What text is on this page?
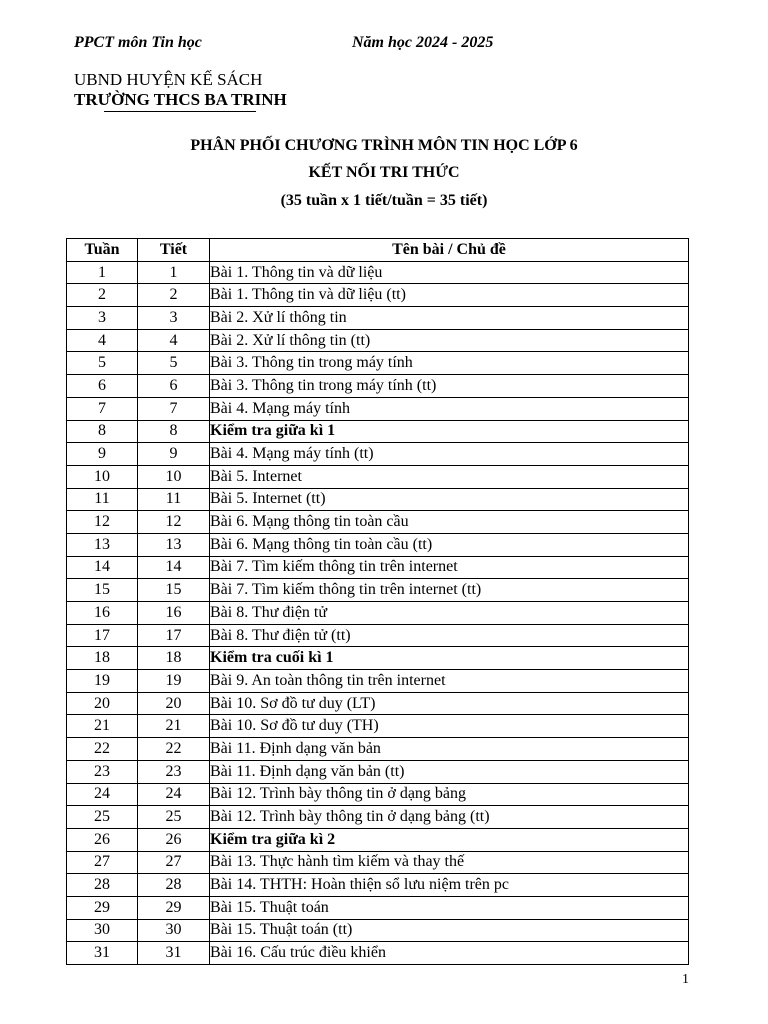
PPCT môn Tin học	Năm học 2024 - 2025
UBND HUYỆN KẾ SÁCH
TRƯỜNG THCS BA TRINH
PHÂN PHỐI CHƯƠNG TRÌNH MÔN TIN HỌC LỚP 6
KẾT NỐI TRI THỨC
(35 tuần x 1 tiết/tuần = 35 tiết)
Tuần	Tiết	Tên bài / Chủ đề
1	1	Bài 1. Thông tin và dữ liệu
2	2	Bài 1. Thông tin và dữ liệu (tt)
3	3	Bài 2. Xử lí thông tin
4	4	Bài 2. Xử lí thông tin (tt)
5	5	Bài 3. Thông tin trong máy tính
6	6	Bài 3. Thông tin trong máy tính (tt)
7	7	Bài 4. Mạng máy tính
8	8	Kiểm tra giữa kì 1
9	9	Bài 4. Mạng máy tính (tt)
10	10	Bài 5. Internet
11	11	Bài 5. Internet (tt)
12	12	Bài 6. Mạng thông tin toàn cầu
13	13	Bài 6. Mạng thông tin toàn cầu (tt)
14	14	Bài 7. Tìm kiếm thông tin trên internet
15	15	Bài 7. Tìm kiếm thông tin trên internet (tt)
16	16	Bài 8. Thư điện tử
17	17	Bài 8. Thư điện tử (tt)
18	18	Kiểm tra cuối kì 1
19	19	Bài 9. An toàn thông tin trên internet
20	20	Bài 10. Sơ đồ tư duy (LT)
21	21	Bài 10. Sơ đồ tư duy (TH)
22	22	Bài 11. Định dạng văn bản
23	23	Bài 11. Định dạng văn bản (tt)
24	24	Bài 12. Trình bày thông tin ở dạng bảng
25	25	Bài 12. Trình bày thông tin ở dạng bảng (tt)
26	26	Kiểm tra giữa kì 2
27	27	Bài 13. Thực hành tìm kiếm và thay thế
28	28	Bài 14. THTH: Hoàn thiện sổ lưu niệm trên pc
29	29	Bài 15. Thuật toán
30	30	Bài 15. Thuật toán (tt)
31	31	Bài 16. Cấu trúc điều khiển
1
